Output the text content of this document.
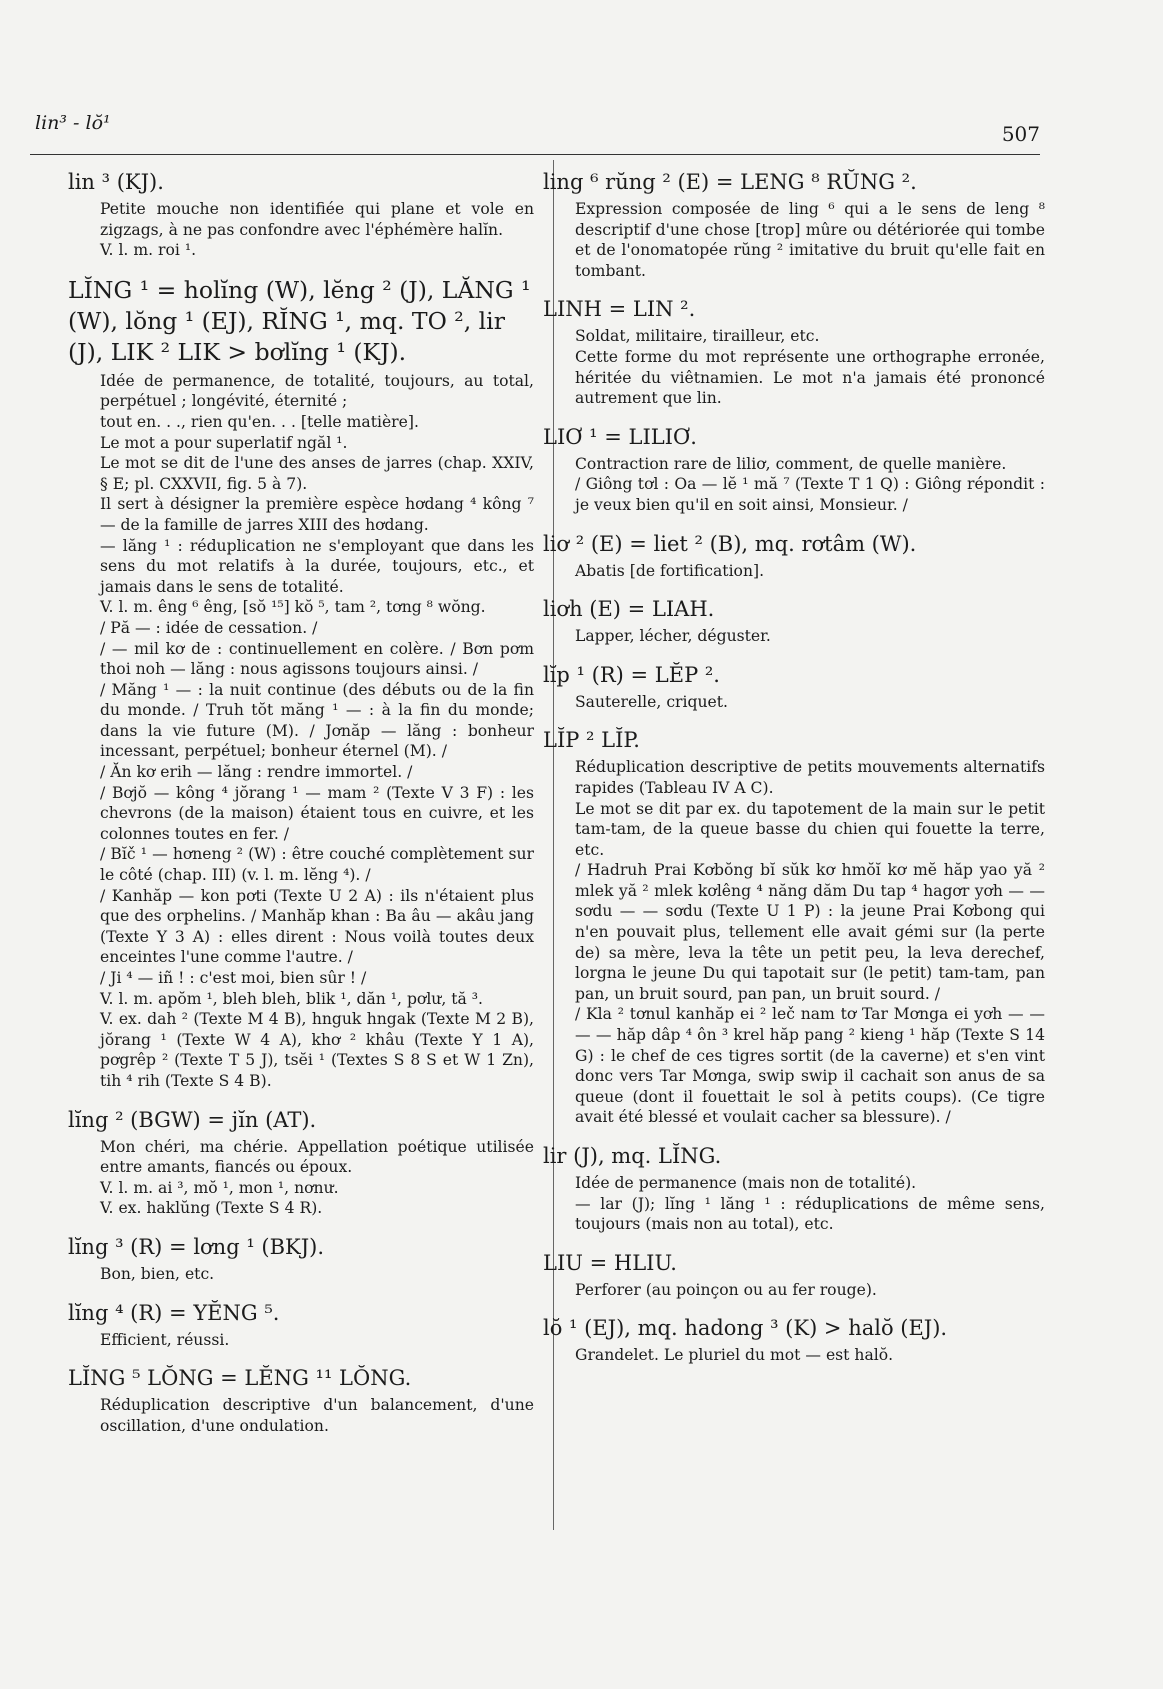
lin³ - lŏ¹	507
lin ³ (KJ).

Petite mouche non identifiée qui plane et vole en zigzags, à ne pas confondre avec l'éphémère halĭn.

V. l. m. roi ¹.

LĬNG ¹ = holĭng (W), lĕng ² (J), LĂNG ¹ (W), lŏng ¹ (EJ), RĬNG ¹, mq. TO ², lir (J), LIK ² LIK > bơlĭng ¹ (KJ).

Idée de permanence, de totalité, toujours, au total, perpétuel ; longévité, éternité ;

tout en. . ., rien qu'en. . . [telle matière].

Le mot a pour superlatif ngăl ¹.

Le mot se dit de l'une des anses de jarres (chap. XXIV, § E; pl. CXXVII, fig. 5 à 7).

Il sert à désigner la première espèce hơdang ⁴ kông ⁷ — de la famille de jarres XIII des hơdang.

— lăng ¹ : réduplication ne s'employant que dans les sens du mot relatifs à la durée, toujours, etc., et jamais dans le sens de totalité.

V. l. m. êng ⁶ êng, [sŏ ¹⁵] kŏ ⁵, tam ², tơng ⁸ wŏng.

/ Pă — : idée de cessation. /

/ — mil kơ de : continuellement en colère. / Bơn pơm thoi noh — lăng : nous agissons toujours ainsi. /

/ Măng ¹ — : la nuit continue (des débuts ou de la fin du monde. / Truh tŏt măng ¹ — : à la fin du monde; dans la vie future (M). / Jơnăp — lăng : bonheur incessant, perpétuel; bonheur éternel (M). /

/ Ăn kơ erih — lăng : rendre immortel. /

/ Bơjŏ — kông ⁴ jŏrang ¹ — mam ² (Texte V 3 F) : les chevrons (de la maison) étaient tous en cuivre, et les colonnes toutes en fer. /

/ Bĭč ¹ — hơneng ² (W) : être couché complètement sur le côté (chap. III) (v. l. m. lĕng ⁴). /

/ Kanhăp — kon pơti (Texte U 2 A) : ils n'étaient plus que des orphelins. / Manhăp khan : Ba âu — akâu jang (Texte Y 3 A) : elles dirent : Nous voilà toutes deux enceintes l'une comme l'autre. /

/ Ji ⁴ — iñ ! : c'est moi, bien sûr ! /

V. l. m. apŏm ¹, bleh bleh, blik ¹, dăn ¹, pơlư, tă ³.

V. ex. dah ² (Texte M 4 B), hnguk hngak (Texte M 2 B), jŏrang ¹ (Texte W 4 A), khơ ² khâu (Texte Y 1 A), pơgrêp ² (Texte T 5 J), tsĕi ¹ (Textes S 8 S et W 1 Zn), tih ⁴ rih (Texte S 4 B).

lĭng ² (BGW) = jĭn (AT).

Mon chéri, ma chérie. Appellation poétique utilisée entre amants, fiancés ou époux.

V. l. m. ai ³, mŏ ¹, mon ¹, nơnư.

V. ex. haklŭng (Texte S 4 R).

lĭng ³ (R) = lơng ¹ (BKJ).

Bon, bien, etc.

lĭng ⁴ (R) = YĔNG ⁵.

Efficient, réussi.

LĬNG ⁵ LŎNG = LĔNG ¹¹ LŎNG.

Réduplication descriptive d'un balancement, d'une oscillation, d'une ondulation.

ling ⁶ rŭng ² (E) = LENG ⁸ RŬNG ².

Expression composée de ling ⁶ qui a le sens de leng ⁸ descriptif d'une chose [trop] mûre ou détériorée qui tombe et de l'onomatopée rŭng ² imitative du bruit qu'elle fait en tombant.

LINH = LIN ².

Soldat, militaire, tirailleur, etc.

Cette forme du mot représente une orthographe erronée, héritée du viêtnamien. Le mot n'a jamais été prononcé autrement que lin.

LIƠ ¹ = LILIƠ.

Contraction rare de liliơ, comment, de quelle manière.

/ Giông tơl : Oa — lĕ ¹ mă ⁷ (Texte T 1 Q) : Giông répondit : je veux bien qu'il en soit ainsi, Monsieur. /

liơ ² (E) = liet ² (B), mq. rơtâm (W).

Abatis [de fortification].

liơh (E) = LIAH.

Lapper, lécher, déguster.

lĭp ¹ (R) = LĔP ².

Sauterelle, criquet.

LĬP ² LĬP.

Réduplication descriptive de petits mouvements alternatifs rapides (Tableau IV A C).

Le mot se dit par ex. du tapotement de la main sur le petit tam-tam, de la queue basse du chien qui fouette la terre, etc.

/ Hadruh Prai Kơbŏng bĭ sŭk kơ hmŏĭ kơ mĕ hăp yao yă ² mlek yă ² mlek kơlêng ⁴ năng dăm Du tap ⁴ hagơr yơh — — sơdu — — sơdu (Texte U 1 P) : la jeune Prai Kơbong qui n'en pouvait plus, tellement elle avait gémi sur (la perte de) sa mère, leva la tête un petit peu, la leva derechef, lorgna le jeune Du qui tapotait sur (le petit) tam-tam, pan pan, un bruit sourd, pan pan, un bruit sourd. /

/ Kla ² tơnul kanhăp ei ² leč nam tơ Tar Mơnga ei yơh — — — — hăp dâp ⁴ ôn ³ krel hăp pang ² kieng ¹ hăp (Texte S 14 G) : le chef de ces tigres sortit (de la caverne) et s'en vint donc vers Tar Mơnga, swip swip il cachait son anus de sa queue (dont il fouettait le sol à petits coups). (Ce tigre avait été blessé et voulait cacher sa blessure). /

lir (J), mq. LĬNG.

Idée de permanence (mais non de totalité).

— lar (J); lĭng ¹ lăng ¹ : réduplications de même sens, toujours (mais non au total), etc.

LIU = HLIU.

Perforer (au poinçon ou au fer rouge).

lŏ ¹ (EJ), mq. hadong ³ (K) > halŏ (EJ).

Grandelet. Le pluriel du mot — est halŏ.
